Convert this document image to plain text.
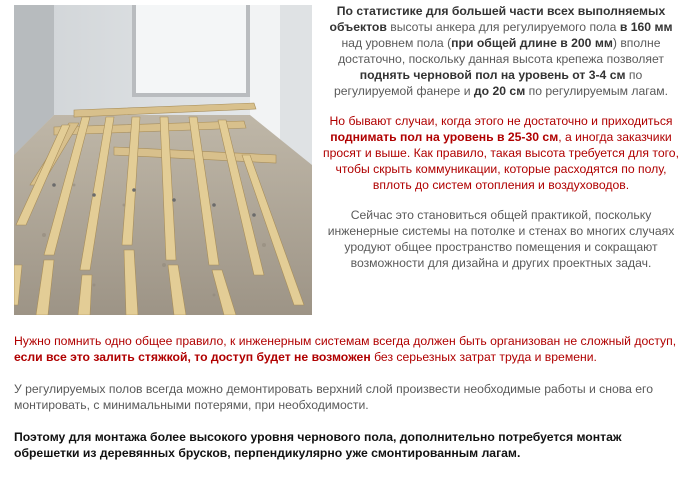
По статистике для большей части всех выполняемых объектов высоты анкера для регулируемого пола в 160 мм над уровнем пола (при общей длине в 200 мм) вполне достаточно, поскольку данная высота крепежа позволяет поднять черновой пол на уровень от 3-4 см по регулируемой фанере и до 20 см по регулируемым лагам.

Но бывают случаи, когда этого не достаточно и приходиться поднимать пол на уровень в 25-30 см, а иногда заказчики просят и выше. Как правило, такая высота требуется для того, чтобы скрыть коммуникации, которые расходятся по полу, вплоть до систем отопления и воздуховодов.

Сейчас это становиться общей практикой, поскольку инженерные системы на потолке и стенах во многих случаях уродуют общее пространство помещения и сокращают возможности для дизайна и других проектных задач.

Нужно помнить одно общее правило, к инженерным системам всегда должен быть организован не сложный доступ, если все это залить стяжкой, то доступ будет не возможен без серьезных затрат труда и времени.

У регулируемых полов всегда можно демонтировать верхний слой произвести необходимые работы и снова его монтировать, с минимальными потерями, при необходимости.

Поэтому для монтажа более высокого уровня чернового пола, дополнительно потребуется монтаж обрешетки из деревянных брусков, перпендикулярно уже смонтированным лагам.
